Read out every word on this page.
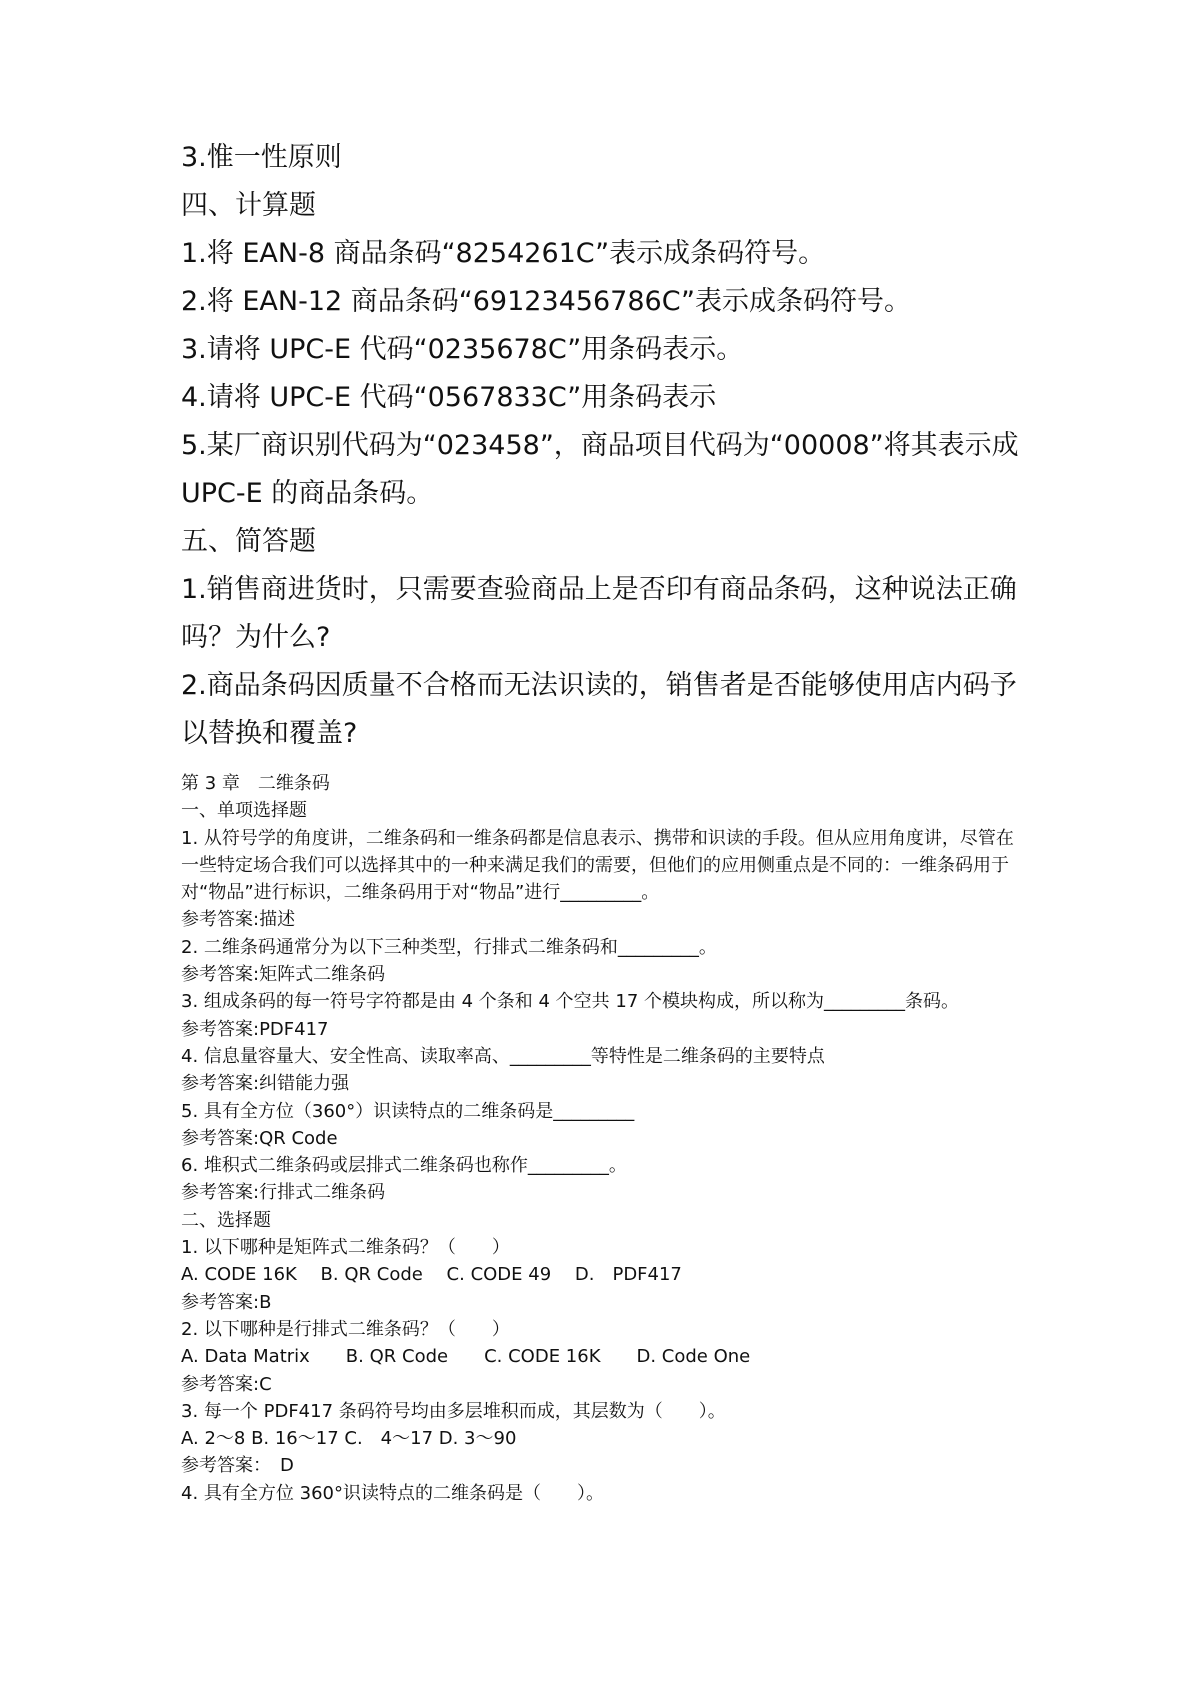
3.惟一性原则
四、计算题
1.将 EAN-8 商品条码“8254261C”表示成条码符号。
2.将 EAN-12 商品条码“69123456786C”表示成条码符号。
3.请将 UPC-E 代码“0235678C”用条码表示。
4.请将 UPC-E 代码“0567833C”用条码表示
5.某厂商识别代码为“023458”，商品项目代码为“00008”将其表示成 UPC-E 的商品条码。
五、简答题
1.销售商进货时，只需要查验商品上是否印有商品条码，这种说法正确吗？为什么?
2.商品条码因质量不合格而无法识读的，销售者是否能够使用店内码予以替换和覆盖?
第 3 章　二维条码
一、单项选择题
1. 从符号学的角度讲，二维条码和一维条码都是信息表示、携带和识读的手段。但从应用角度讲，尽管在一些特定场合我们可以选择其中的一种来满足我们的需要，但他们的应用侧重点是不同的：一维条码用于对“物品”进行标识，二维条码用于对“物品”进行_________。
参考答案:描述
2. 二维条码通常分为以下三种类型，行排式二维条码和_________。
参考答案:矩阵式二维条码
3. 组成条码的每一符号字符都是由 4 个条和 4 个空共 17 个模块构成，所以称为_________条码。
参考答案:PDF417
4. 信息量容量大、安全性高、读取率高、_________等特性是二维条码的主要特点
参考答案:纠错能力强
5. 具有全方位（360°）识读特点的二维条码是_________
参考答案:QR Code
6. 堆积式二维条码或层排式二维条码也称作_________。
参考答案:行排式二维条码
二、选择题
1. 以下哪种是矩阵式二维条码？（　　）
A. CODE 16K　 B. QR Code　 C. CODE 49　 D.　PDF417
参考答案:B
2. 以下哪种是行排式二维条码？（　　）
A. Data Matrix　　B. QR Code　　C. CODE 16K　　D. Code One
参考答案:C
3. 每一个 PDF417 条码符号均由多层堆积而成，其层数为（　　）。
A. 2～8 B. 16～17 C.　4～17 D. 3～90
参考答案：　D
4. 具有全方位 360°识读特点的二维条码是（　　）。
